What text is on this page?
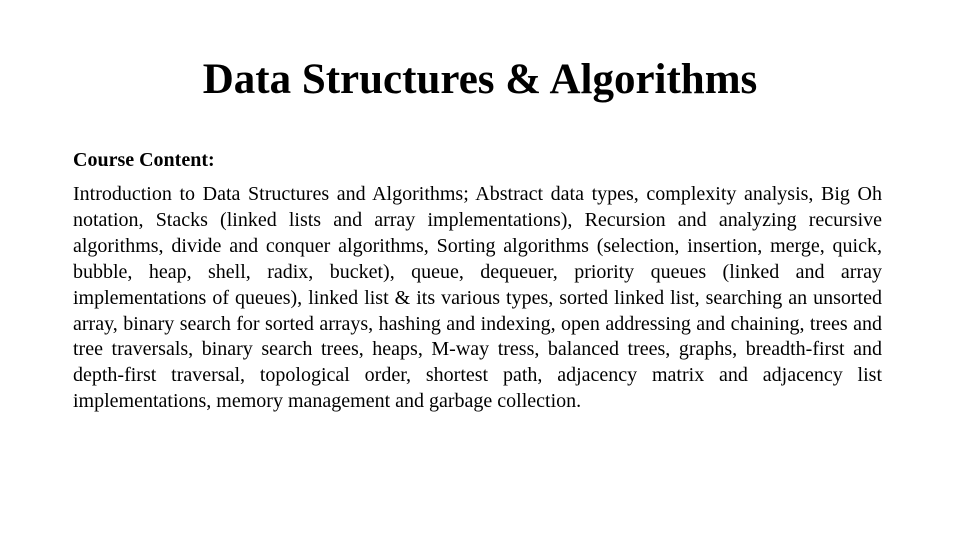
Data Structures & Algorithms

Course Content:

Introduction to Data Structures and Algorithms; Abstract data types, complexity analysis, Big Oh notation, Stacks (linked lists and array implementations), Recursion and analyzing recursive algorithms, divide and conquer algorithms, Sorting algorithms (selection, insertion, merge, quick, bubble, heap, shell, radix, bucket), queue, dequeuer, priority queues (linked and array implementations of queues), linked list & its various types, sorted linked list, searching an unsorted array, binary search for sorted arrays, hashing and indexing, open addressing and chaining, trees and tree traversals, binary search trees, heaps, M-way tress, balanced trees, graphs, breadth-first and depth-first traversal, topological order, shortest path, adjacency matrix and adjacency list implementations, memory management and garbage collection.
